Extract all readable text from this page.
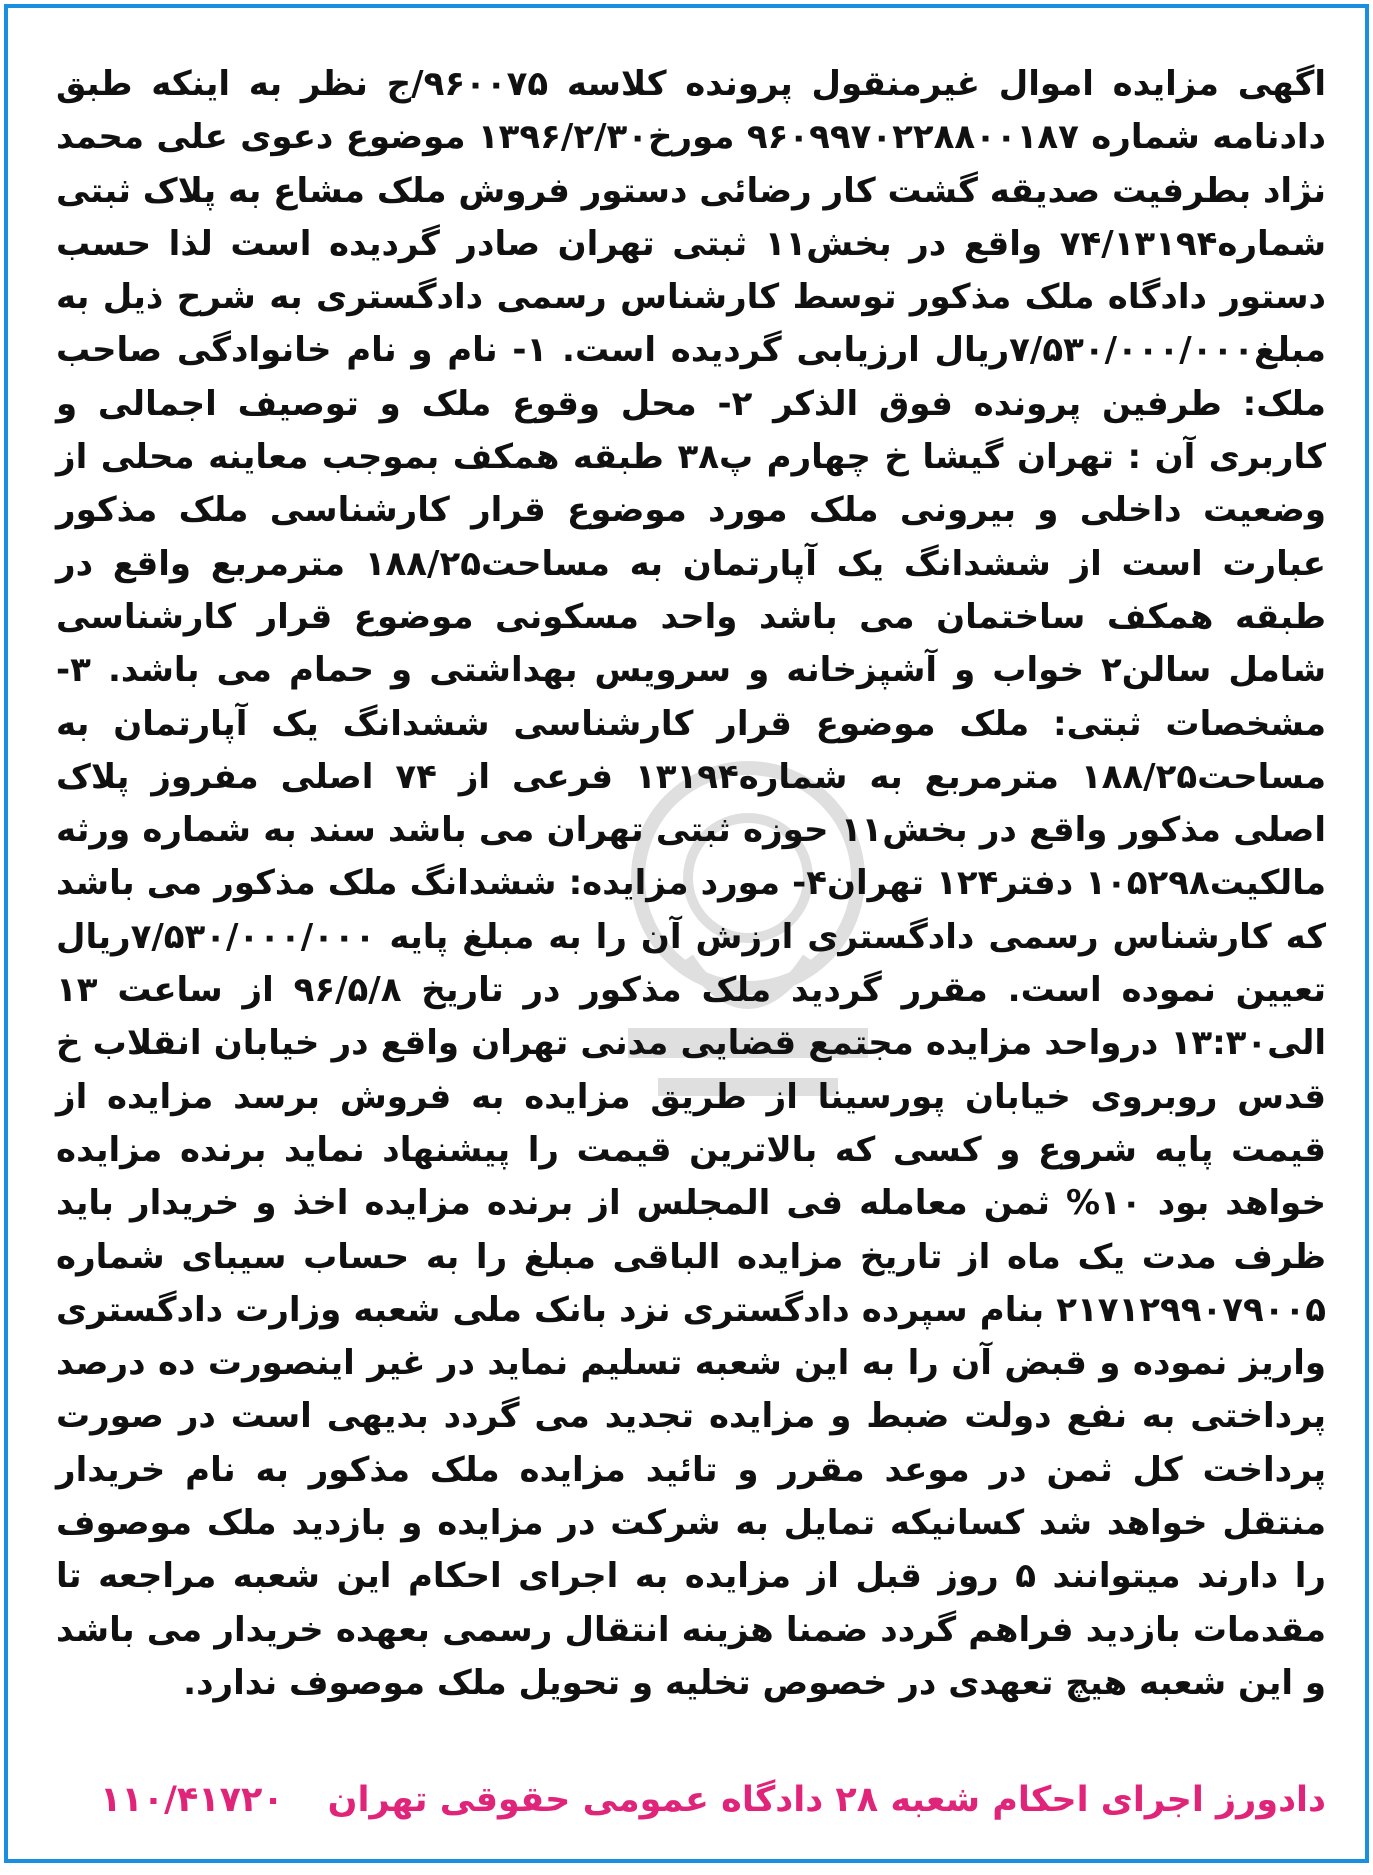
اگهی مزایده اموال غیرمنقول پرونده کلاسه ۹۶۰۰۷۵/ج نظر به اینکه طبق دادنامه شماره ۹۶۰۹۹۷۰۲۲۸۸۰۰۱۸۷ مورخ۱۳۹۶/۲/۳۰ موضوع دعوی علی محمد نژاد بطرفیت صدیقه گشت کار رضائی دستور فروش ملک مشاع به پلاک ثبتی شماره۷۴/۱۳۱۹۴ واقع در بخش۱۱ ثبتی تهران صادر گردیده است لذا حسب دستور دادگاه ملک مذکور توسط کارشناس رسمی دادگستری به شرح ذیل به مبلغ۷/۵۳۰/۰۰۰/۰۰۰ریال ارزیابی گردیده است. ۱- نام و نام خانوادگی صاحب ملک: طرفین پرونده فوق الذکر ۲- محل وقوع ملک و توصیف اجمالی و کاربری آن : تهران گیشا خ چهارم پ۳۸ طبقه همکف بموجب معاینه محلی از وضعیت داخلی و بیرونی ملک مورد موضوع قرار کارشناسی ملک مذکور عبارت است از ششدانگ یک آپارتمان به مساحت۱۸۸/۲۵ مترمربع واقع در طبقه همکف ساختمان می باشد واحد مسکونی موضوع قرار کارشناسی شامل سالن۲ خواب و آشپزخانه و سرویس بهداشتی و حمام می باشد. ۳-مشخصات ثبتی: ملک موضوع قرار کارشناسی ششدانگ یک آپارتمان به مساحت۱۸۸/۲۵ مترمربع به شماره۱۳۱۹۴ فرعی از ۷۴ اصلی مفروز پلاک اصلی مذکور واقع در بخش۱۱ حوزه ثبتی تهران می باشد سند به شماره ورثه مالکیت۱۰۵۲۹۸ دفتر۱۲۴ تهران۴- مورد مزایده: ششدانگ ملک مذکور می باشد که کارشناس رسمی دادگستری ارزش آن را به مبلغ پایه ۷/۵۳۰/۰۰۰/۰۰۰ریال تعیین نموده است. مقرر گردید ملک مذکور در تاریخ ۹۶/۵/۸ از ساعت ۱۳ الی۱۳:۳۰ درواحد مزایده مجتمع قضایی مدنی تهران واقع در خیابان انقلاب خ قدس روبروی خیابان پورسینا از طریق مزایده به فروش برسد مزایده از قیمت پایه شروع و کسی که بالاترین قیمت را پیشنهاد نماید برنده مزایده خواهد بود ۱۰% ثمن معامله فی المجلس از برنده مزایده اخذ و خریدار باید ظرف مدت یک ماه از تاریخ مزایده الباقی مبلغ را به حساب سیبای شماره ۲۱۷۱۲۹۹۰۷۹۰۰۵ بنام سپرده دادگستری نزد بانک ملی شعبه وزارت دادگستری واریز نموده و قبض آن را به این شعبه تسلیم نماید در غیر اینصورت ده درصد پرداختی به نفع دولت ضبط و مزایده تجدید می گردد بدیهی است در صورت پرداخت کل ثمن در موعد مقرر و تائید مزایده ملک مذکور به نام خریدار منتقل خواهد شد کسانیکه تمایل به شرکت در مزایده و بازدید ملک موصوف را دارند میتوانند ۵ روز قبل از مزایده به اجرای احکام این شعبه مراجعه تا مقدمات بازدید فراهم گردد ضمنا هزینه انتقال رسمی بعهده خریدار می باشد و این شعبه هیچ تعهدی در خصوص تخلیه و تحویل ملک موصوف ندارد.

دادورز اجرای احکام شعبه ۲۸ دادگاه عمومی حقوقی تهران
۱۱۰/۴۱۷۲۰
